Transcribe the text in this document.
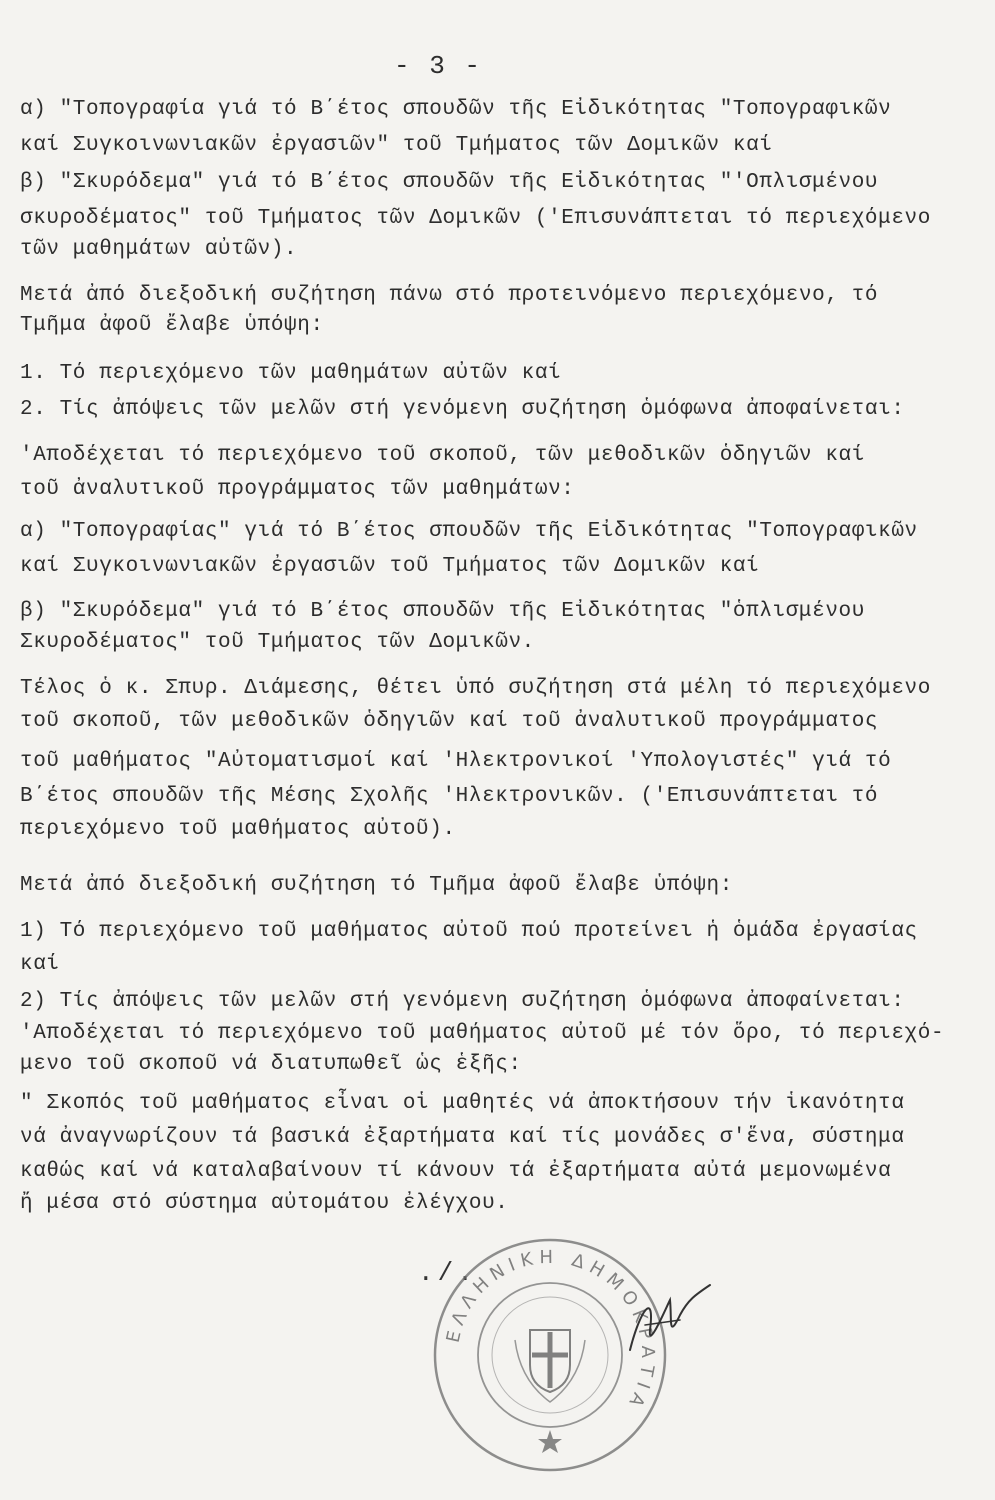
- 3 -
α) "Τοπογραφία γιά τό Β΄έτος σπουδῶν τῆς Εἰδικότητας "Τοπογραφικῶν
καί Συγκοινωνιακῶν ἐργασιῶν" τοῦ Τμήματος τῶν Δομικῶν καί
β) "Σκυρόδεμα" γιά τό Β΄έτος σπουδῶν τῆς Εἰδικότητας "'Οπλισμένου
σκυροδέματος" τοῦ Τμήματος τῶν Δομικῶν ('Επισυνάπτεται τό περιεχόμενο
τῶν μαθημάτων αὐτῶν).
Μετά ἀπό διεξοδική συζήτηση πάνω στό προτεινόμενο περιεχόμενο, τό
Τμῆμα ἀφοῦ ἔλαβε ὑπόψη:
1. Τό περιεχόμενο τῶν μαθημάτων αὐτῶν καί
2. Τίς ἀπόψεις τῶν μελῶν στή γενόμενη συζήτηση ὁμόφωνα ἀποφαίνεται:
'Αποδέχεται τό περιεχόμενο τοῦ σκοποῦ, τῶν μεθοδικῶν ὁδηγιῶν καί
τοῦ ἀναλυτικοῦ προγράμματος τῶν μαθημάτων:
α) "Τοπογραφίας" γιά τό Β΄έτος σπουδῶν τῆς Εἰδικότητας "Τοπογραφικῶν
καί Συγκοινωνιακῶν ἐργασιῶν τοῦ Τμήματος τῶν Δομικῶν καί
β) "Σκυρόδεμα" γιά τό Β΄έτος σπουδῶν τῆς Εἰδικότητας "ὁπλισμένου
Σκυροδέματος" τοῦ Τμήματος τῶν Δομικῶν.
Τέλος ὁ κ. Σπυρ. Διάμεσης, θέτει ὑπό συζήτηση στά μέλη τό περιεχόμενο
τοῦ σκοποῦ, τῶν μεθοδικῶν ὁδηγιῶν καί τοῦ ἀναλυτικοῦ προγράμματος
τοῦ μαθήματος "Αὐτοματισμοί καί 'Ηλεκτρονικοί 'Υπολογιστές" γιά τό
Β΄έτος σπουδῶν τῆς Μέσης Σχολῆς 'Ηλεκτρονικῶν. ('Επισυνάπτεται τό
περιεχόμενο τοῦ μαθήματος αὐτοῦ).
Μετά ἀπό διεξοδική συζήτηση τό Τμῆμα ἀφοῦ ἔλαβε ὑπόψη:
1) Τό περιεχόμενο τοῦ μαθήματος αὐτοῦ πού προτείνει ἡ ὁμάδα ἐργασίας
καί
2) Τίς ἀπόψεις τῶν μελῶν στή γενόμενη συζήτηση ὁμόφωνα ἀποφαίνεται:
'Αποδέχεται τό περιεχόμενο τοῦ μαθήματος αὐτοῦ μέ τόν ὅρο, τό περιεχό-
μενο τοῦ σκοποῦ νά διατυπωθεῖ ὡς ἑξῆς:
" Σκοπός τοῦ μαθήματος εἶναι οἱ μαθητές νά ἀποκτήσουν τήν ἱκανότητα
νά ἀναγνωρίζουν τά βασικά ἐξαρτήματα καί τίς μονάδες σ'ἕνα, σύστημα
καθώς καί νά καταλαβαίνουν τί κάνουν τά ἐξαρτήματα αὐτά μεμονωμένα
ἤ μέσα στό σύστημα αὐτομάτου ἐλέγχου.
./.
ΕΛΛΗΝΙΚΗ ΔΗΜΟΚΡΑΤΙΑ
